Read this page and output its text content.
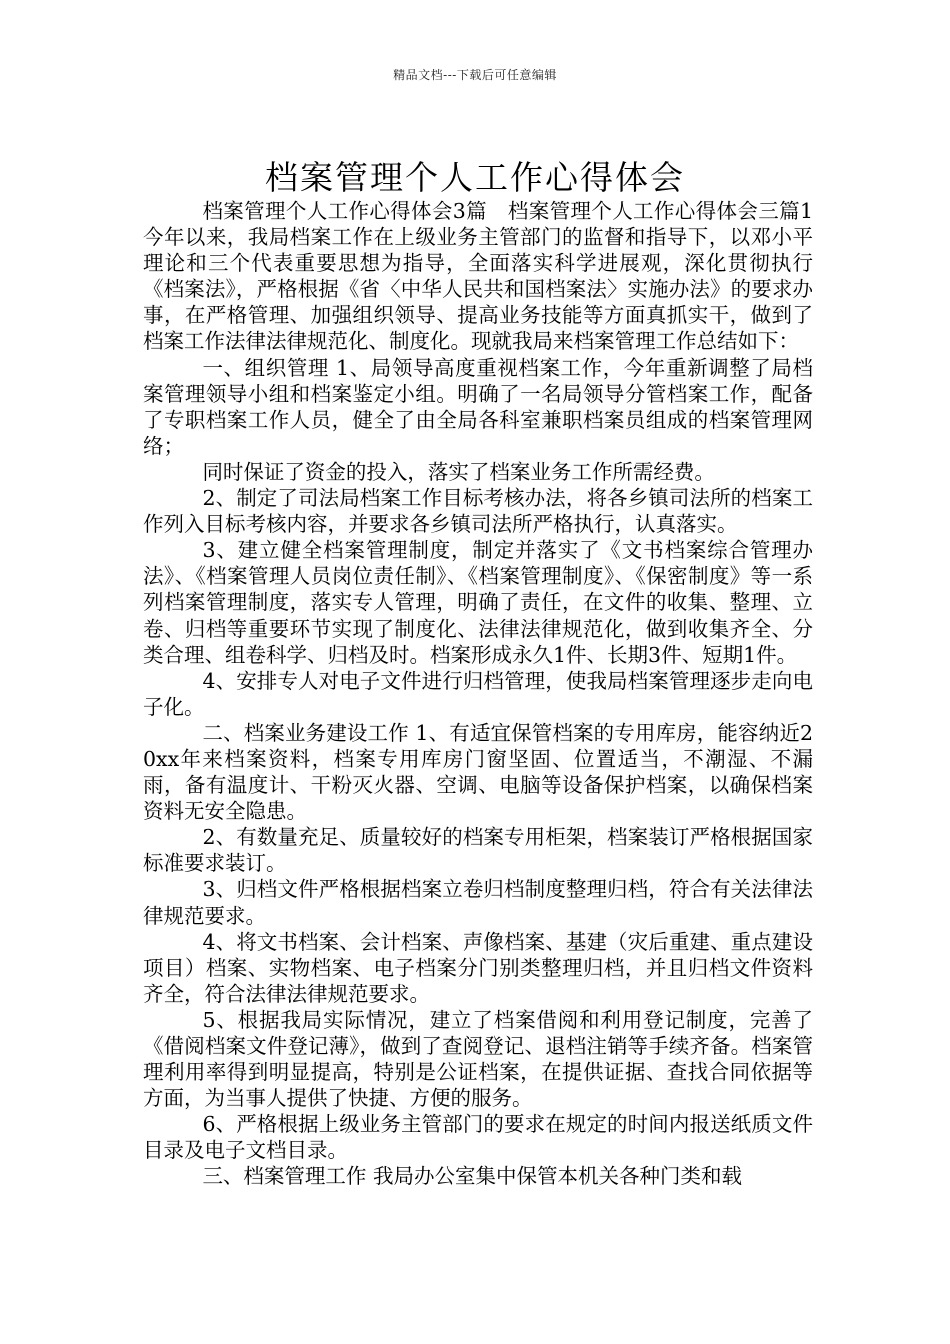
精品文档---下载后可任意编辑
档案管理个人工作心得体会

档案管理个人工作心得体会3篇　档案管理个人工作心得体会三篇1 今年以来，我局档案工作在上级业务主管部门的监督和指导下，以邓小平理论和三个代表重要思想为指导，全面落实科学进展观，深化贯彻执行《档案法》，严格根据《省〈中华人民共和国档案法〉实施办法》的要求办事，在严格管理、加强组织领导、提高业务技能等方面真抓实干，做到了档案工作法律法律规范化、制度化。现就我局来档案管理工作总结如下：

一、组织管理 1、局领导高度重视档案工作，今年重新调整了局档案管理领导小组和档案鉴定小组。明确了一名局领导分管档案工作，配备了专职档案工作人员，健全了由全局各科室兼职档案员组成的档案管理网络；

同时保证了资金的投入，落实了档案业务工作所需经费。

2、制定了司法局档案工作目标考核办法，将各乡镇司法所的档案工作列入目标考核内容，并要求各乡镇司法所严格执行，认真落实。

3、建立健全档案管理制度，制定并落实了《文书档案综合管理办法》、《档案管理人员岗位责任制》、《档案管理制度》、《保密制度》等一系列档案管理制度，落实专人管理，明确了责任，在文件的收集、整理、立卷、归档等重要环节实现了制度化、法律法律规范化，做到收集齐全、分类合理、组卷科学、归档及时。档案形成永久1件、长期3件、短期1件。

4、安排专人对电子文件进行归档管理，使我局档案管理逐步走向电子化。

二、档案业务建设工作 1、有适宜保管档案的专用库房，能容纳近20xx年来档案资料，档案专用库房门窗坚固、位置适当，不潮湿、不漏雨，备有温度计、干粉灭火器、空调、电脑等设备保护档案，以确保档案资料无安全隐患。

2、有数量充足、质量较好的档案专用柜架，档案装订严格根据国家标准要求装订。

3、归档文件严格根据档案立卷归档制度整理归档，符合有关法律法律规范要求。

4、将文书档案、会计档案、声像档案、基建（灾后重建、重点建设项目）档案、实物档案、电子档案分门别类整理归档，并且归档文件资料齐全，符合法律法律规范要求。

5、根据我局实际情况，建立了档案借阅和利用登记制度，完善了《借阅档案文件登记薄》，做到了查阅登记、退档注销等手续齐备。档案管理利用率得到明显提高，特别是公证档案，在提供证据、查找合同依据等方面，为当事人提供了快捷、方便的服务。

6、严格根据上级业务主管部门的要求在规定的时间内报送纸质文件目录及电子文档目录。

三、档案管理工作 我局办公室集中保管本机关各种门类和载
